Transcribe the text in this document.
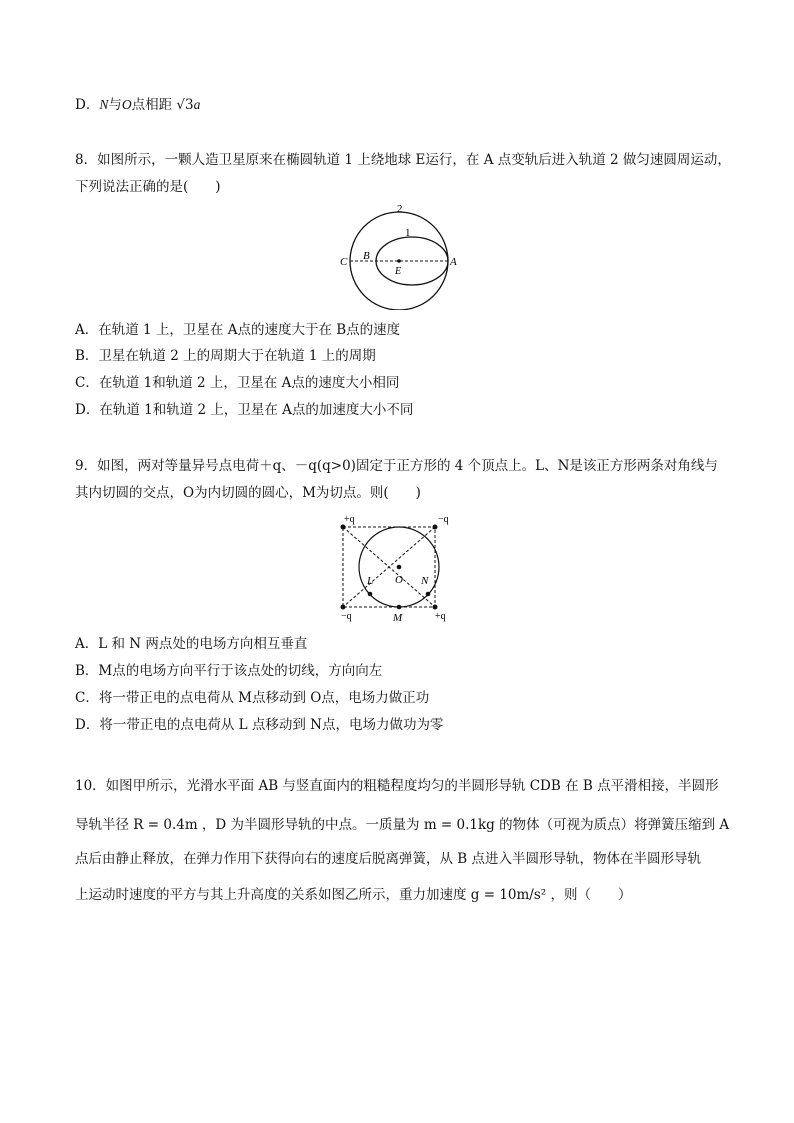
D．N与O点相距 √3a
8．如图所示，一颗人造卫星原来在椭圆轨道 1 上绕地球 E运行，在 A 点变轨后进入轨道 2 做匀速圆周运动，
下列说法正确的是(　　)
2
1
C B
E
A
A．在轨道 1 上，卫星在 A点的速度大于在 B点的速度
B．卫星在轨道 2 上的周期大于在轨道 1 上的周期
C．在轨道 1和轨道 2 上，卫星在 A点的速度大小相同
D．在轨道 1和轨道 2 上，卫星在 A点的加速度大小不同
9．如图，两对等量异号点电荷＋q、－q(q>0)固定于正方形的 4 个顶点上。L、N是该正方形两条对角线与
其内切圆的交点，O为内切圆的圆心，M为切点。则(　　)
+q	−q
−q	+q
L O N
M
A．L 和 N 两点处的电场方向相互垂直
B．M点的电场方向平行于该点处的切线，方向向左
C．将一带正电的点电荷从 M点移动到 O点，电场力做正功
D．将一带正电的点电荷从 L 点移动到 N点，电场力做功为零
10．如图甲所示，光滑水平面 AB 与竖直面内的粗糙程度均匀的半圆形导轨 CDB 在 B 点平滑相接，半圆形
导轨半径 R = 0.4m ，D 为半圆形导轨的中点。一质量为 m = 0.1kg 的物体（可视为质点）将弹簧压缩到 A
点后由静止释放，在弹力作用下获得向右的速度后脱离弹簧，从 B 点进入半圆形导轨，物体在半圆形导轨
上运动时速度的平方与其上升高度的关系如图乙所示，重力加速度 g = 10m/s² ，则（　　）
